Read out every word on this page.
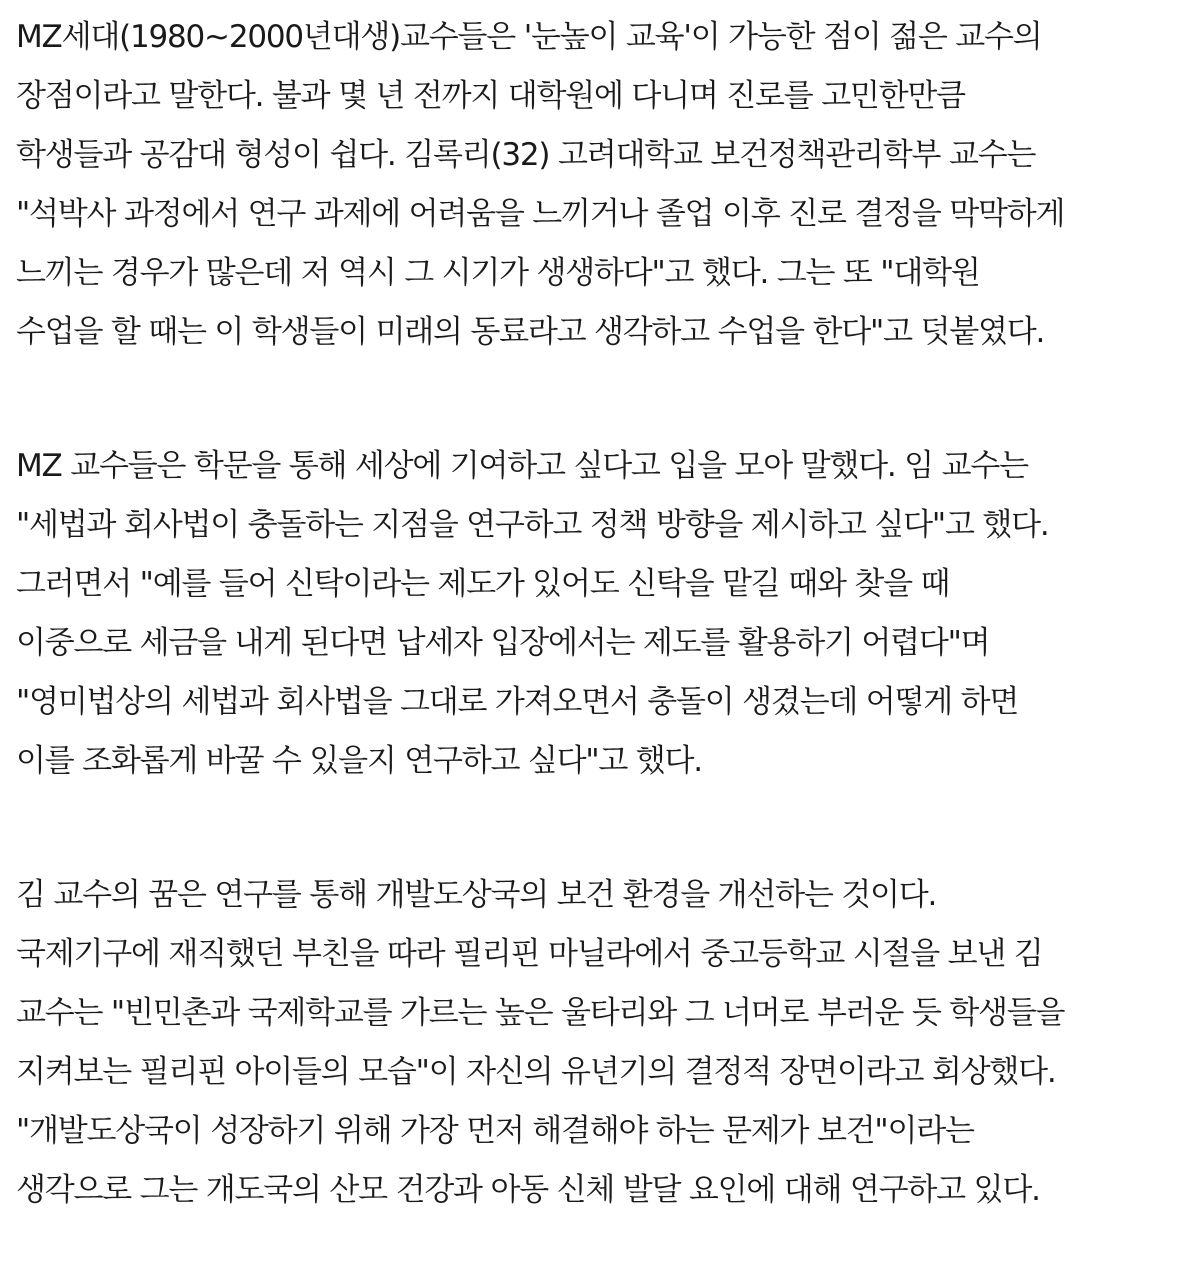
MZ세대(1980~2000년대생)교수들은 '눈높이 교육'이 가능한 점이 젊은 교수의
장점이라고 말한다. 불과 몇 년 전까지 대학원에 다니며 진로를 고민한만큼
학생들과 공감대 형성이 쉽다. 김록리(32) 고려대학교 보건정책관리학부 교수는
"석박사 과정에서 연구 과제에 어려움을 느끼거나 졸업 이후 진로 결정을 막막하게
느끼는 경우가 많은데 저 역시 그 시기가 생생하다"고 했다. 그는 또 "대학원
수업을 할 때는 이 학생들이 미래의 동료라고 생각하고 수업을 한다"고 덧붙였다.

MZ 교수들은 학문을 통해 세상에 기여하고 싶다고 입을 모아 말했다. 임 교수는
"세법과 회사법이 충돌하는 지점을 연구하고 정책 방향을 제시하고 싶다"고 했다.
그러면서 "예를 들어 신탁이라는 제도가 있어도 신탁을 맡길 때와 찾을 때
이중으로 세금을 내게 된다면 납세자 입장에서는 제도를 활용하기 어렵다"며
"영미법상의 세법과 회사법을 그대로 가져오면서 충돌이 생겼는데 어떻게 하면
이를 조화롭게 바꿀 수 있을지 연구하고 싶다"고 했다.

김 교수의 꿈은 연구를 통해 개발도상국의 보건 환경을 개선하는 것이다.
국제기구에 재직했던 부친을 따라 필리핀 마닐라에서 중고등학교 시절을 보낸 김
교수는 "빈민촌과 국제학교를 가르는 높은 울타리와 그 너머로 부러운 듯 학생들을
지켜보는 필리핀 아이들의 모습"이 자신의 유년기의 결정적 장면이라고 회상했다.
"개발도상국이 성장하기 위해 가장 먼저 해결해야 하는 문제가 보건"이라는
생각으로 그는 개도국의 산모 건강과 아동 신체 발달 요인에 대해 연구하고 있다.
